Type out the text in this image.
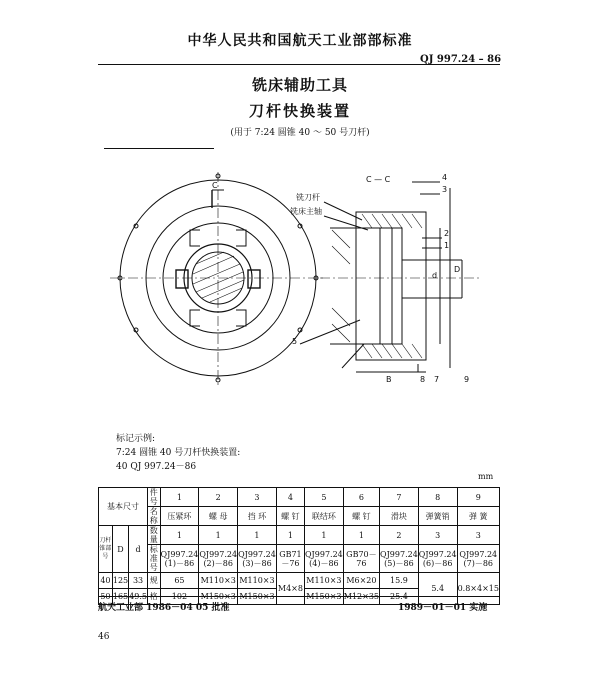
中华人民共和国航天工业部部标准
QJ 997.24 – 86
铣床辅助工具
刀杆快换装置
(用于 7:24 圆锥 40 ～ 50 号刀杆)
C
C — C
铣刀杆
铣床主轴
4
3
2
1
5
B	8 7	9
d
D
标记示例:
7:24 圆锥 40 号刀杆快换装置:
40 QJ 997.24－86
mm
基本尺寸			件 号	1	2	3	4	5	6	7	8	9
			名 称	压紧环	螺 母	挡 环	螺 钉	联结环	螺 钉	滑块	弹簧销	弹 簧
刀杆锥部号	D	d	数 量	1	1	1	1	1	1	2	3	3
			标准号	QJ997.24 (1)－86	QJ997.24 (2)－86	QJ997.24 (3)－86	GB71－76	QJ997.24 (4)－86	GB70－76	QJ997.24 (5)－86	QJ997.24 (6)－86	QJ997.24 (7)－86
40	125	33	规	65	M110×3	M110×3	M4×8	M110×3	M6×20	15.9	5.4	0.8×4×15
50	165	49.5	格	102	M150×3	M150×3		M150×3	M12×35	25.4		
航天工业部 1986－04 05 批准	1989－01－01 实施
46
